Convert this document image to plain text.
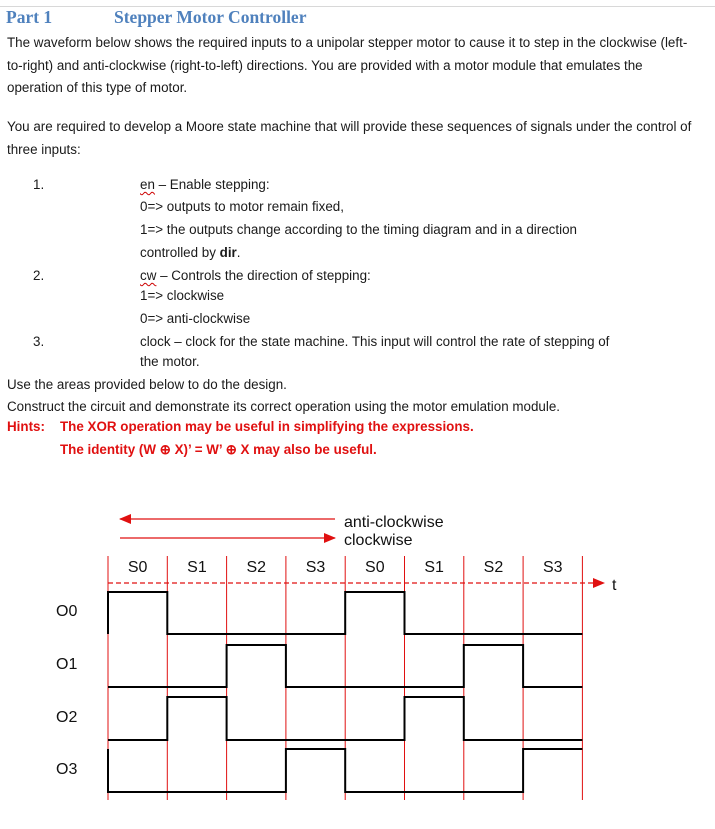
Part 1	Stepper Motor Controller
The waveform below shows the required inputs to a unipolar stepper motor to cause it to step in the clockwise (left-to-right) and anti-clockwise (right-to-left) directions. You are provided with a motor module that emulates the operation of this type of motor.
You are required to develop a Moore state machine that will provide these sequences of signals under the control of three inputs:
1.	en – Enable stepping:
0=> outputs to motor remain fixed,
1=> the outputs change according to the timing diagram and in a direction
controlled by dir.
2.	cw – Controls the direction of stepping:
1=> clockwise
0=> anti-clockwise
3.	clock – clock for the state machine. This input will control the rate of stepping of
the motor.
Use the areas provided below to do the design.
Construct the circuit and demonstrate its correct operation using the motor emulation module.
Hints: The XOR operation may be useful in simplifying the expressions.
The identity (W ⊕ X)’ = W’ ⊕ X may also be useful.
t
anti-clockwise
clockwise
S0 S1 S2 S3 S0 S1 S2 S3
O0
O1
O2
O3
